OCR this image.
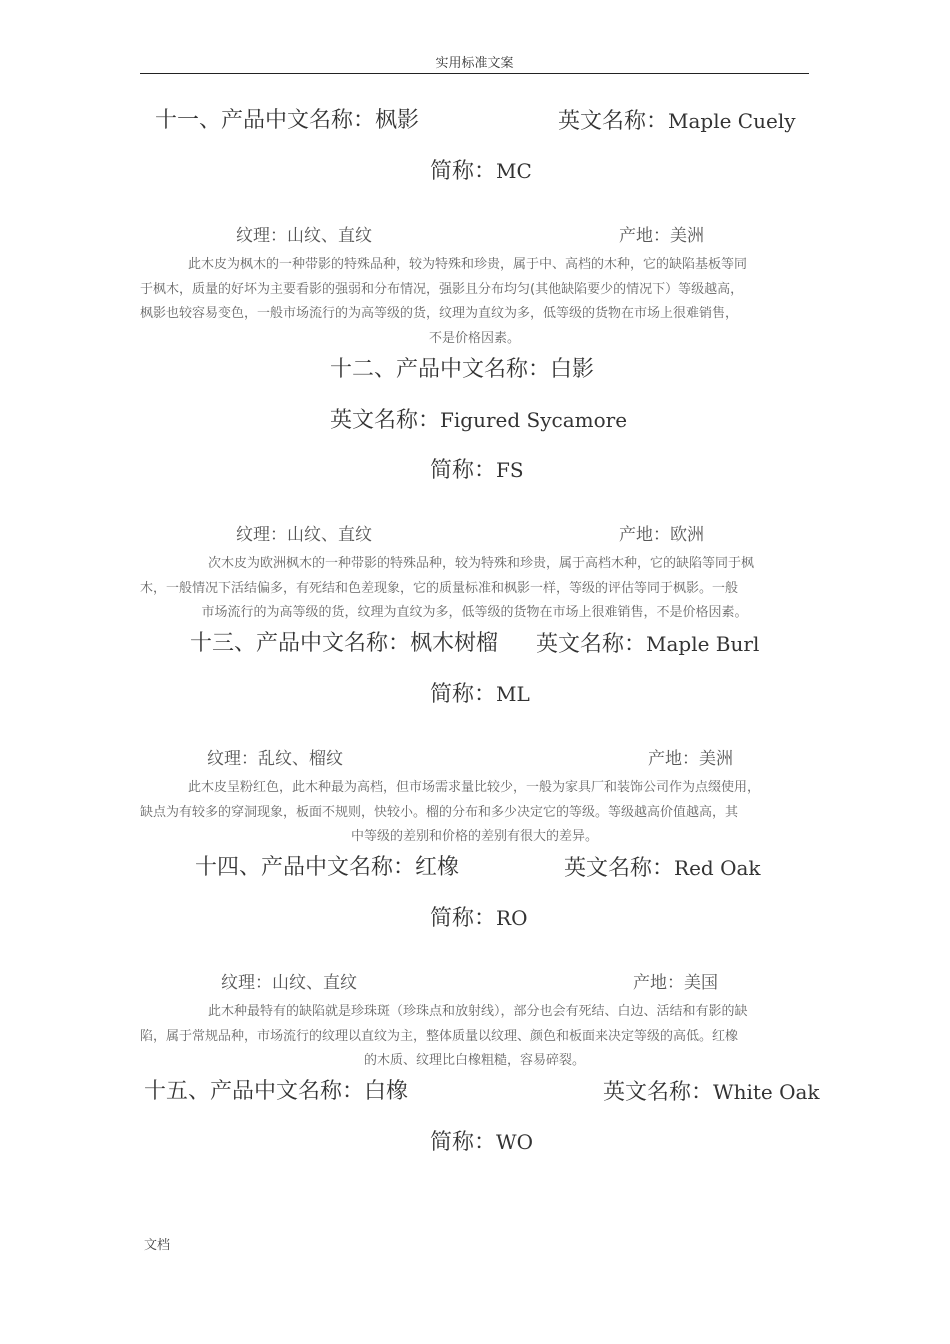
实用标准文案
十一、产品中文名称：枫影	英文名称：Maple Cuely
简称：MC
纹理：山纹、直纹	产地：美洲

此木皮为枫木的一种带影的特殊品种，较为特殊和珍贵，属于中、高档的木种，它的缺陷基板等同

于枫木，质量的好坏为主要看影的强弱和分布情况，强影且分布均匀(其他缺陷要少的情况下）等级越高，

枫影也较容易变色，一般市场流行的为高等级的货，纹理为直纹为多，低等级的货物在市场上很难销售，

不是价格因素。

十二、产品中文名称：白影
英文名称：Figured Sycamore
简称：FS
纹理：山纹、直纹	产地：欧洲

次木皮为欧洲枫木的一种带影的特殊品种，较为特殊和珍贵，属于高档木种，它的缺陷等同于枫

木，一般情况下活结偏多，有死结和色差现象，它的质量标准和枫影一样，等级的评估等同于枫影。一般

市场流行的为高等级的货，纹理为直纹为多，低等级的货物在市场上很难销售，不是价格因素。

十三、产品中文名称：枫木树榴 英文名称：Maple Burl
简称：ML
纹理：乱纹、榴纹	产地：美洲

此木皮呈粉红色，此木种最为高档，但市场需求量比较少，一般为家具厂和装饰公司作为点缀使用，

缺点为有较多的穿洞现象，板面不规则，快较小。榴的分布和多少决定它的等级。等级越高价值越高，其

中等级的差别和价格的差别有很大的差异。

十四、产品中文名称：红橡	英文名称：Red Oak
简称：RO
纹理：山纹、直纹	产地：美国

此木种最特有的缺陷就是珍珠斑（珍珠点和放射线），部分也会有死结、白边、活结和有影的缺

陷，属于常规品种，市场流行的纹理以直纹为主，整体质量以纹理、颜色和板面来决定等级的高低。红橡

的木质、纹理比白橡粗糙，容易碎裂。

十五、产品中文名称：白橡	英文名称：White Oak
简称：WO
文档
